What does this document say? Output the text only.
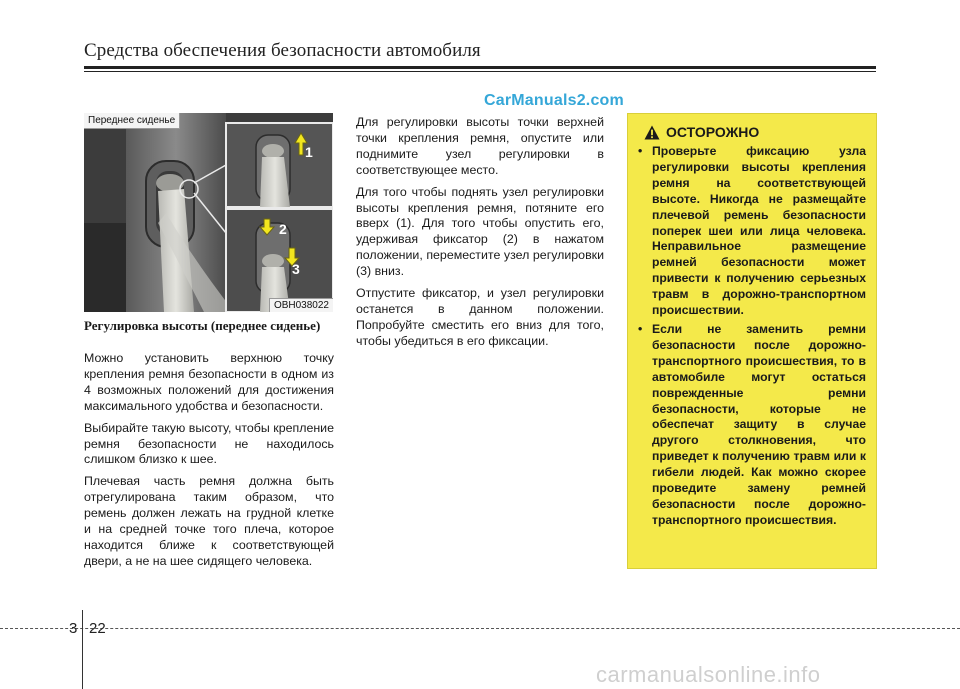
Средства обеспечения безопасности автомобиля
CarManuals2.com
Переднее сиденье
1
2
3
OBH038022
Регулировка высоты (переднее сиденье)

Можно установить верхнюю точку крепления ремня безопасности в одном из 4 возможных положений для достижения максимального удобства и безопасности.

Выбирайте такую высоту, чтобы крепление ремня безопасности не находилось слишком близко к шее.

Плечевая часть ремня должна быть отрегулирована таким образом, что ремень должен лежать на грудной клетке и на средней точке того плеча, которое находится ближе к соответствующей двери, а не на шее сидящего человека.

Для регулировки высоты точки верхней точки крепления ремня, опустите или поднимите узел регулировки в соответствующее место.

Для того чтобы поднять узел регулировки высоты крепления ремня, потяните его вверх (1). Для того чтобы опустить его, удерживая фиксатор (2) в нажатом положении, переместите узел регулировки (3) вниз.

Отпустите фиксатор, и узел регулировки останется в данном положении. Попробуйте сместить его вниз для того, чтобы убедиться в его фиксации.

ОСТОРОЖНО
• Проверьте фиксацию узла регулировки высоты крепления ремня на соответствующей высоте. Никогда не размещайте плечевой ремень безопасности поперек шеи или лица человека. Неправильное размещение ремней безопасности может привести к получению серьезных травм в дорожно-транспортном происшествии.
• Если не заменить ремни безопасности после дорожно-транспортного происшествия, то в автомобиле могут остаться поврежденные ремни безопасности, которые не обеспечат защиту в случае другого столкновения, что приведет к получению травм или к гибели людей. Как можно скорее проведите замену ремней безопасности после дорожно-транспортного происшествия.
3 22
carmanualsonline.info
